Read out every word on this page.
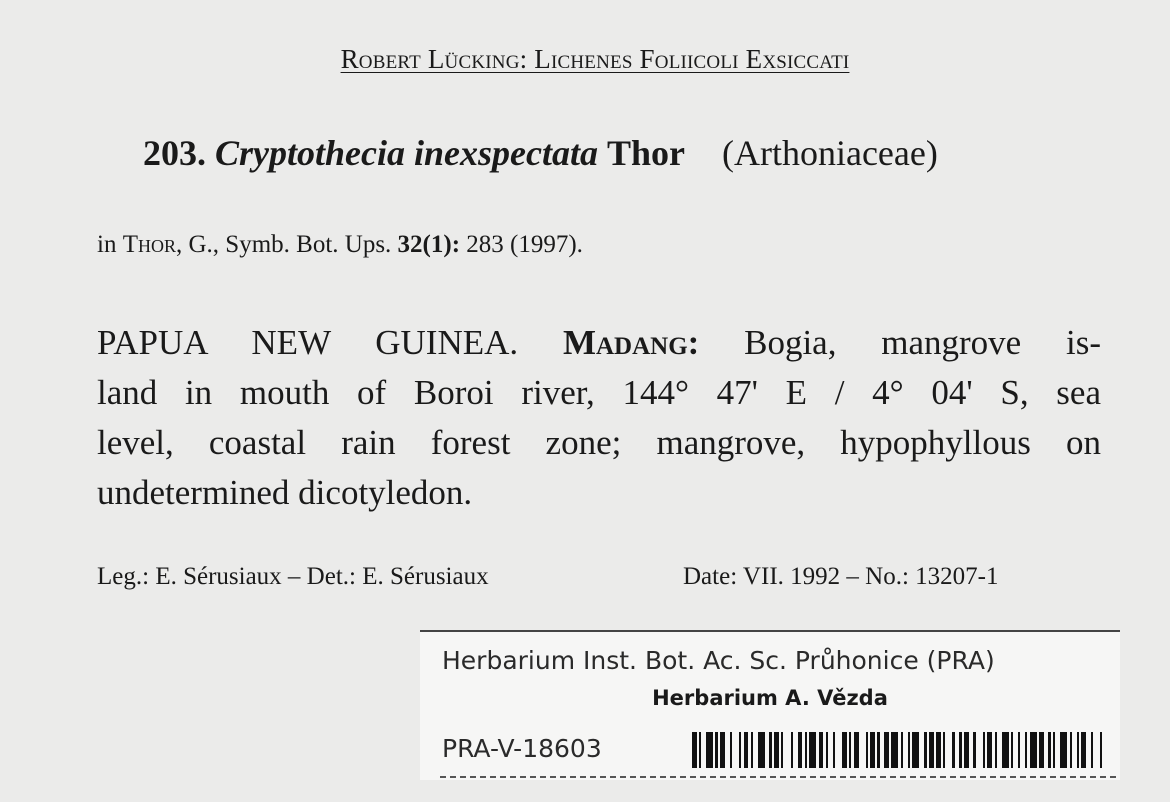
Robert Lücking: Lichenes Foliicoli Exsiccati
203. Cryptothecia inexspectata Thor (Arthoniaceae)
in Thor, G., Symb. Bot. Ups. 32(1): 283 (1997).
PAPUA NEW GUINEA. Madang: Bogia, mangrove is-
land in mouth of Boroi river, 144° 47' E / 4° 04' S, sea
level, coastal rain forest zone; mangrove, hypophyllous on
undetermined dicotyledon.
Leg.: E. Sérusiaux – Det.: E. Sérusiaux	Date: VII. 1992 – No.: 13207-1
Herbarium Inst. Bot. Ac. Sc. Průhonice (PRA)
Herbarium A. Vězda
PRA-V-18603
